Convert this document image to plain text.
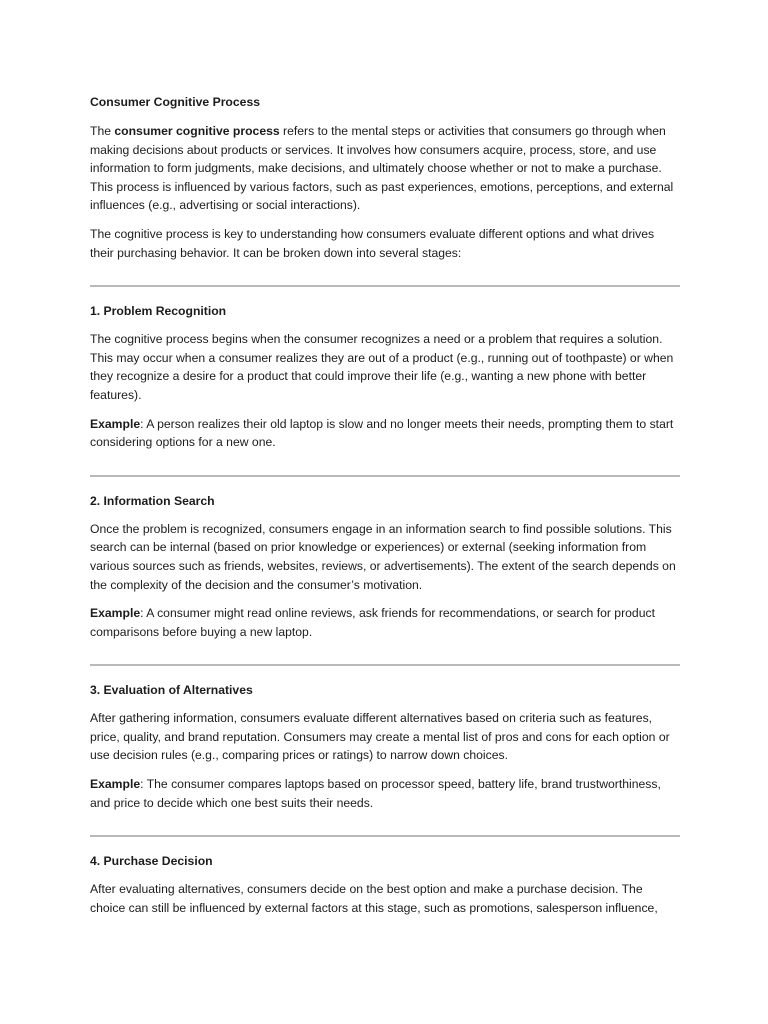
Consumer Cognitive Process

The consumer cognitive process refers to the mental steps or activities that consumers go through when making decisions about products or services. It involves how consumers acquire, process, store, and use information to form judgments, make decisions, and ultimately choose whether or not to make a purchase. This process is influenced by various factors, such as past experiences, emotions, perceptions, and external influences (e.g., advertising or social interactions).

The cognitive process is key to understanding how consumers evaluate different options and what drives their purchasing behavior. It can be broken down into several stages:

1. Problem Recognition

The cognitive process begins when the consumer recognizes a need or a problem that requires a solution. This may occur when a consumer realizes they are out of a product (e.g., running out of toothpaste) or when they recognize a desire for a product that could improve their life (e.g., wanting a new phone with better features).

Example: A person realizes their old laptop is slow and no longer meets their needs, prompting them to start considering options for a new one.

2. Information Search

Once the problem is recognized, consumers engage in an information search to find possible solutions. This search can be internal (based on prior knowledge or experiences) or external (seeking information from various sources such as friends, websites, reviews, or advertisements). The extent of the search depends on the complexity of the decision and the consumer’s motivation.

Example: A consumer might read online reviews, ask friends for recommendations, or search for product comparisons before buying a new laptop.

3. Evaluation of Alternatives

After gathering information, consumers evaluate different alternatives based on criteria such as features, price, quality, and brand reputation. Consumers may create a mental list of pros and cons for each option or use decision rules (e.g., comparing prices or ratings) to narrow down choices.

Example: The consumer compares laptops based on processor speed, battery life, brand trustworthiness, and price to decide which one best suits their needs.

4. Purchase Decision

After evaluating alternatives, consumers decide on the best option and make a purchase decision. The choice can still be influenced by external factors at this stage, such as promotions, salesperson influence,
